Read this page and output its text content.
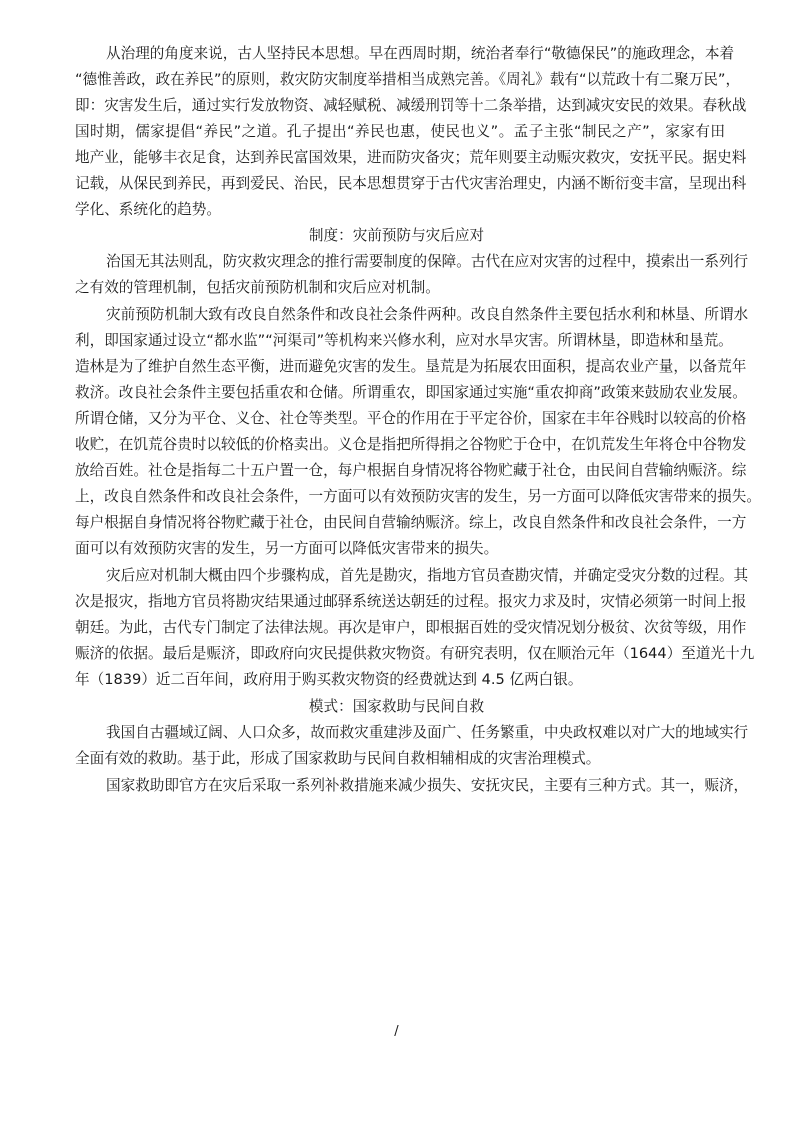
从治理的角度来说，古人坚持民本思想。早在西周时期，统治者奉行“敬德保民”的施政理念，本着
“德惟善政，政在养民”的原则，救灾防灾制度举措相当成熟完善。《周礼》载有“以荒政十有二聚万民”，
即：灾害发生后，通过实行发放物资、减轻赋税、减缓刑罚等十二条举措，达到减灾安民的效果。春秋战
国时期，儒家提倡“养民”之道。孔子提出“养民也惠，使民也义”。孟子主张“制民之产”，家家有田
地产业，能够丰衣足食，达到养民富国效果，进而防灾备灾；荒年则要主动赈灾救灾，安抚平民。据史料
记载，从保民到养民，再到爱民、治民，民本思想贯穿于古代灾害治理史，内涵不断衍变丰富，呈现出科
学化、系统化的趋势。
制度：灾前预防与灾后应对
治国无其法则乱，防灾救灾理念的推行需要制度的保障。古代在应对灾害的过程中，摸索出一系列行
之有效的管理机制，包括灾前预防机制和灾后应对机制。
灾前预防机制大致有改良自然条件和改良社会条件两种。改良自然条件主要包括水利和林垦、所谓水
利，即国家通过设立“都水监”“河渠司”等机构来兴修水利，应对水旱灾害。所谓林垦，即造林和垦荒。
造林是为了维护自然生态平衡，进而避免灾害的发生。垦荒是为拓展农田面积，提高农业产量，以备荒年
救济。改良社会条件主要包括重农和仓储。所谓重农，即国家通过实施“重农抑商”政策来鼓励农业发展。
所谓仓储，又分为平仓、义仓、社仓等类型。平仓的作用在于平定谷价，国家在丰年谷贱时以较高的价格
收贮，在饥荒谷贵时以较低的价格卖出。义仓是指把所得捐之谷物贮于仓中，在饥荒发生年将仓中谷物发
放给百姓。社仓是指每二十五户置一仓，每户根据自身情况将谷物贮藏于社仓，由民间自营输纳赈济。综
上，改良自然条件和改良社会条件，一方面可以有效预防灾害的发生，另一方面可以降低灾害带来的损失。
每户根据自身情况将谷物贮藏于社仓，由民间自营输纳赈济。综上，改良自然条件和改良社会条件，一方
面可以有效预防灾害的发生，另一方面可以降低灾害带来的损失。
灾后应对机制大概由四个步骤构成，首先是勘灾，指地方官员查勘灾情，并确定受灾分数的过程。其
次是报灾，指地方官员将勘灾结果通过邮驿系统送达朝廷的过程。报灾力求及时，灾情必须第一时间上报
朝廷。为此，古代专门制定了法律法规。再次是审户，即根据百姓的受灾情况划分极贫、次贫等级，用作
赈济的依据。最后是赈济，即政府向灾民提供救灾物资。有研究表明，仅在顺治元年（1644）至道光十九
年（1839）近二百年间，政府用于购买救灾物资的经费就达到 4.5 亿两白银。
模式：国家救助与民间自救
我国自古疆域辽阔、人口众多，故而救灾重建涉及面广、任务繁重，中央政权难以对广大的地域实行
全面有效的救助。基于此，形成了国家救助与民间自救相辅相成的灾害治理模式。
国家救助即官方在灾后采取一系列补救措施来减少损失、安抚灾民，主要有三种方式。其一，赈济，
/
